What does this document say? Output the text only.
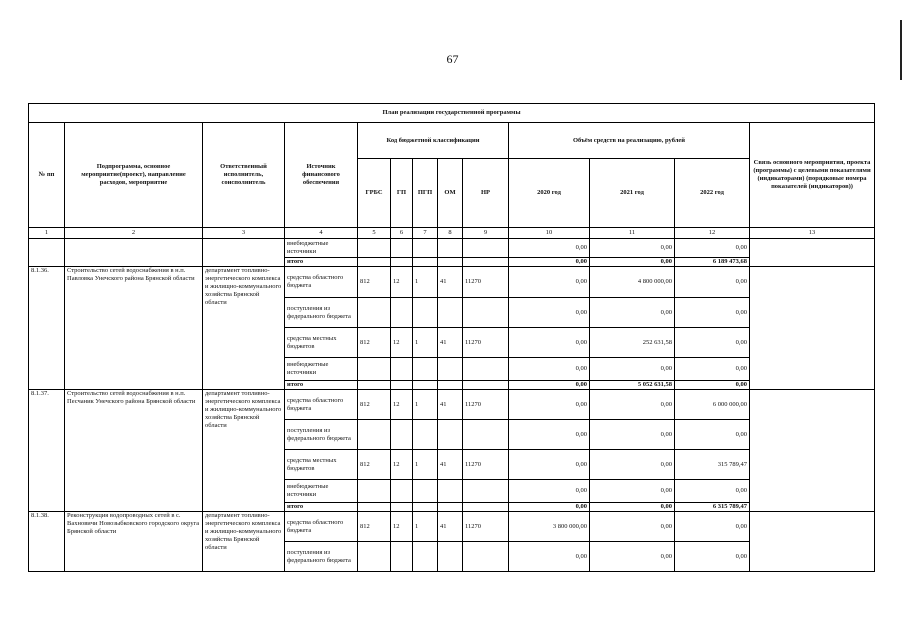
67
План реализации государственной программы												
№ пп	Подпрограмма, основное мероприятие(проект), направление расходов, мероприятие	Ответственный исполнитель, соисполнитель	Источник финансового обеспечения	Код бюджетной классификации					Объём средств на реализацию, рублей			Связь основного мероприятия, проекта (программы) с целевыми показателями (индикаторами) (порядковые номера показателей (индикаторов))
				ГРБС	ГП	ПГП	ОМ	НР	2020 год	2021 год	2022 год	
1	2	3	4	5	6	7	8	9	10	11	12	13
			внебюджетные источники						0,00	0,00	0,00	
			итого						0,00	0,00	6 189 473,68	
8.1.36.	Строительство сетей водоснабжения в н.п. Павловка Унечского района Брянской области	департамент топливно-энергетического комплекса и жилищно-коммунального хозяйства Брянской области	средства областного бюджета	812	12	1	41	11270	0,00	4 800 000,00	0,00	
			поступления из федерального бюджета						0,00	0,00	0,00	
			средства местных бюджетов	812	12	1	41	11270	0,00	252 631,58	0,00	
			внебюджетные источники						0,00	0,00	0,00	
			итого						0,00	5 052 631,58	0,00	
8.1.37.	Строительство сетей водоснабжения в н.п. Песчаник Унечского района Брянской области	департамент топливно-энергетического комплекса и жилищно-коммунального хозяйства Брянской области	средства областного бюджета	812	12	1	41	11270	0,00	0,00	6 000 000,00	
			поступления из федерального бюджета						0,00	0,00	0,00	
			средства местных бюджетов	812	12	1	41	11270	0,00	0,00	315 789,47	
			внебюджетные источники						0,00	0,00	0,00	
			итого						0,00	0,00	6 315 789,47	
8.1.38.	Реконструкция водопроводных сетей в с. Вахновичи Новозыбковского городского округа Брянской области	департамент топливно-энергетического комплекса и жилищно-коммунального хозяйства Брянской области	средства областного бюджета	812	12	1	41	11270	3 800 000,00	0,00	0,00	
			поступления из федерального бюджета						0,00	0,00	0,00	
